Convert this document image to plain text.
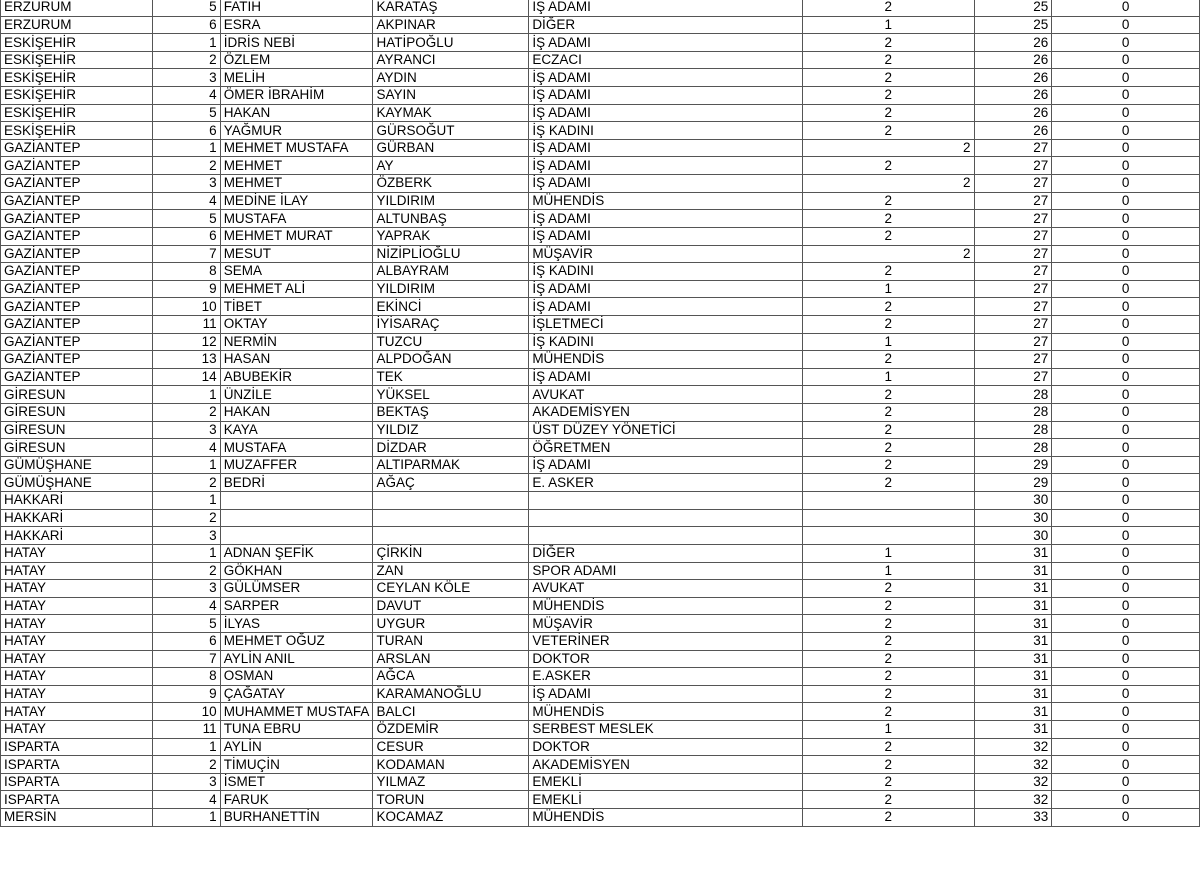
ERZURUM	5	FATİH	KARATAŞ	İŞ ADAMI	2	25	0
ERZURUM	6	ESRA	AKPINAR	DİĞER	1	25	0
ESKİŞEHİR	1	İDRİS NEBİ	HATİPOĞLU	İŞ ADAMI	2	26	0
ESKİŞEHİR	2	ÖZLEM	AYRANCI	ECZACI	2	26	0
ESKİŞEHİR	3	MELİH	AYDIN	İŞ ADAMI	2	26	0
ESKİŞEHİR	4	ÖMER İBRAHİM	SAYIN	İŞ ADAMI	2	26	0
ESKİŞEHİR	5	HAKAN	KAYMAK	İŞ ADAMI	2	26	0
ESKİŞEHİR	6	YAĞMUR	GÜRSOĞUT	İŞ KADINI	2	26	0
GAZİANTEP	1	MEHMET MUSTAFA	GÜRBAN	İŞ ADAMI	2	27	0
GAZİANTEP	2	MEHMET	AY	İŞ ADAMI	2	27	0
GAZİANTEP	3	MEHMET	ÖZBERK	İŞ ADAMI	2	27	0
GAZİANTEP	4	MEDİNE İLAY	YILDIRIM	MÜHENDİS	2	27	0
GAZİANTEP	5	MUSTAFA	ALTUNBAŞ	İŞ ADAMI	2	27	0
GAZİANTEP	6	MEHMET MURAT	YAPRAK	İŞ ADAMI	2	27	0
GAZİANTEP	7	MESUT	NİZİPLİOĞLU	MÜŞAVİR	2	27	0
GAZİANTEP	8	SEMA	ALBAYRAM	İŞ KADINI	2	27	0
GAZİANTEP	9	MEHMET ALİ	YILDIRIM	İŞ ADAMI	1	27	0
GAZİANTEP	10	TİBET	EKİNCİ	İŞ ADAMI	2	27	0
GAZİANTEP	11	OKTAY	İYİSARAÇ	İŞLETMECİ	2	27	0
GAZİANTEP	12	NERMİN	TUZCU	İŞ KADINI	1	27	0
GAZİANTEP	13	HASAN	ALPDOĞAN	MÜHENDİS	2	27	0
GAZİANTEP	14	ABUBEKİR	TEK	İŞ ADAMI	1	27	0
GİRESUN	1	ÜNZİLE	YÜKSEL	AVUKAT	2	28	0
GİRESUN	2	HAKAN	BEKTAŞ	AKADEMİSYEN	2	28	0
GİRESUN	3	KAYA	YILDIZ	ÜST DÜZEY YÖNETİCİ	2	28	0
GİRESUN	4	MUSTAFA	DİZDAR	ÖĞRETMEN	2	28	0
GÜMÜŞHANE	1	MUZAFFER	ALTIPARMAK	İŞ ADAMI	2	29	0
GÜMÜŞHANE	2	BEDRİ	AĞAÇ	E. ASKER	2	29	0
HAKKARİ	1					30	0
HAKKARİ	2					30	0
HAKKARİ	3					30	0
HATAY	1	ADNAN ŞEFİK	ÇİRKİN	DİĞER	1	31	0
HATAY	2	GÖKHAN	ZAN	SPOR ADAMI	1	31	0
HATAY	3	GÜLÜMSER	CEYLAN KÖLE	AVUKAT	2	31	0
HATAY	4	SARPER	DAVUT	MÜHENDİS	2	31	0
HATAY	5	İLYAS	UYGUR	MÜŞAVİR	2	31	0
HATAY	6	MEHMET OĞUZ	TURAN	VETERİNER	2	31	0
HATAY	7	AYLİN ANIL	ARSLAN	DOKTOR	2	31	0
HATAY	8	OSMAN	AĞCA	E.ASKER	2	31	0
HATAY	9	ÇAĞATAY	KARAMANOĞLU	İŞ ADAMI	2	31	0
HATAY	10	MUHAMMET MUSTAFA	BALCI	MÜHENDİS	2	31	0
HATAY	11	TUNA EBRU	ÖZDEMİR	SERBEST MESLEK	1	31	0
ISPARTA	1	AYLİN	CESUR	DOKTOR	2	32	0
ISPARTA	2	TİMUÇİN	KODAMAN	AKADEMİSYEN	2	32	0
ISPARTA	3	İSMET	YILMAZ	EMEKLİ	2	32	0
ISPARTA	4	FARUK	TORUN	EMEKLİ	2	32	0
MERSİN	1	BURHANETTİN	KOCAMAZ	MÜHENDİS	2	33	0
